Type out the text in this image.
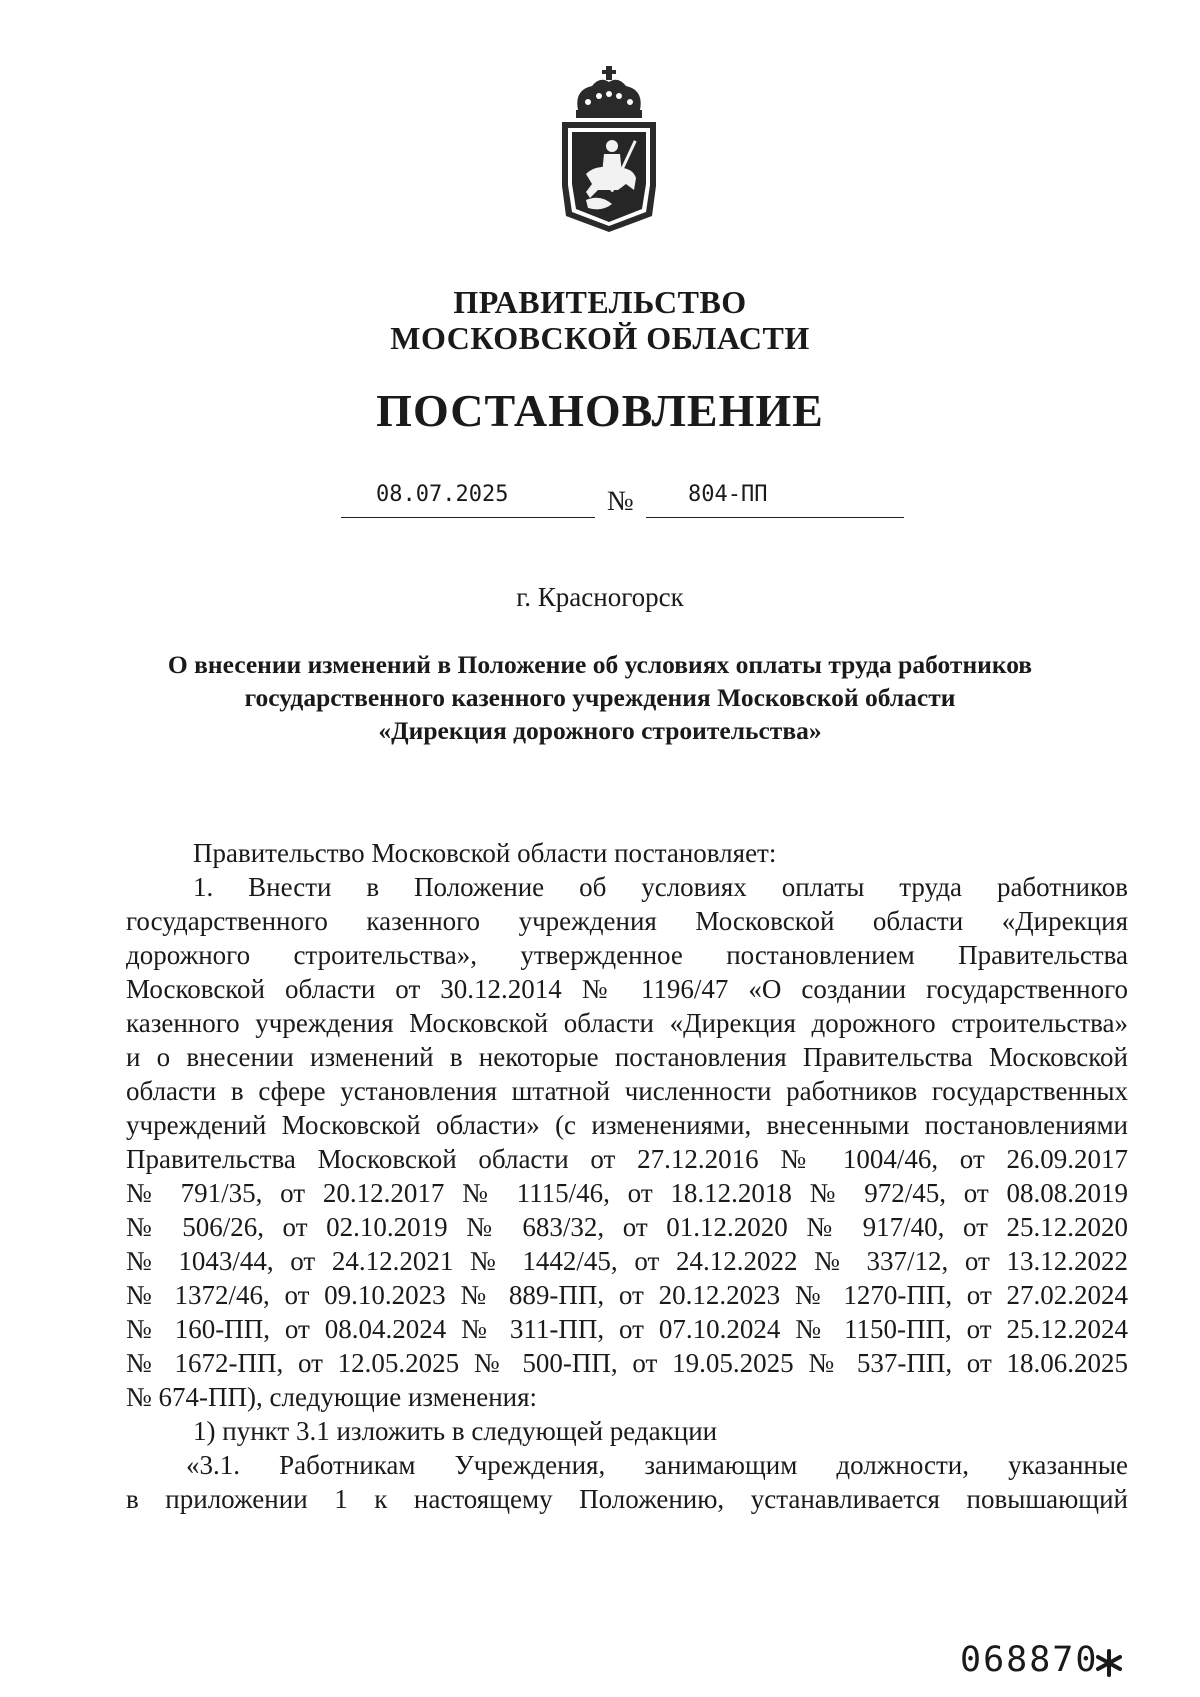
ПРАВИТЕЛЬСТВО
МОСКОВСКОЙ ОБЛАСТИ
ПОСТАНОВЛЕНИЕ
08.07.2025	№ 804-ПП
г. Красногорск
О внесении изменений в Положение об условиях оплаты труда работников
государственного казенного учреждения Московской области
«Дирекция дорожного строительства»
Правительство Московской области постановляет:
1. Внести в Положение об условиях оплаты труда работников
государственного казенного учреждения Московской области «Дирекция
дорожного строительства», утвержденное постановлением Правительства
Московской области от 30.12.2014 № 1196/47 «О создании государственного
казенного учреждения Московской области «Дирекция дорожного строительства»
и о внесении изменений в некоторые постановления Правительства Московской
области в сфере установления штатной численности работников государственных
учреждений Московской области» (с изменениями, внесенными постановлениями
Правительства Московской области от 27.12.2016 № 1004/46, от 26.09.2017
№ 791/35, от 20.12.2017 № 1115/46, от 18.12.2018 № 972/45, от 08.08.2019
№ 506/26, от 02.10.2019 № 683/32, от 01.12.2020 № 917/40, от 25.12.2020
№ 1043/44, от 24.12.2021 № 1442/45, от 24.12.2022 № 337/12, от 13.12.2022
№ 1372/46, от 09.10.2023 № 889-ПП, от 20.12.2023 № 1270-ПП, от 27.02.2024
№ 160-ПП, от 08.04.2024 № 311-ПП, от 07.10.2024 № 1150-ПП, от 25.12.2024
№ 1672-ПП, от 12.05.2025 № 500-ПП, от 19.05.2025 № 537-ПП, от 18.06.2025
№ 674-ПП), следующие изменения:
1) пункт 3.1 изложить в следующей редакции
«3.1. Работникам Учреждения, занимающим должности, указанные
в приложении 1 к настоящему Положению, устанавливается повышающий
068870
